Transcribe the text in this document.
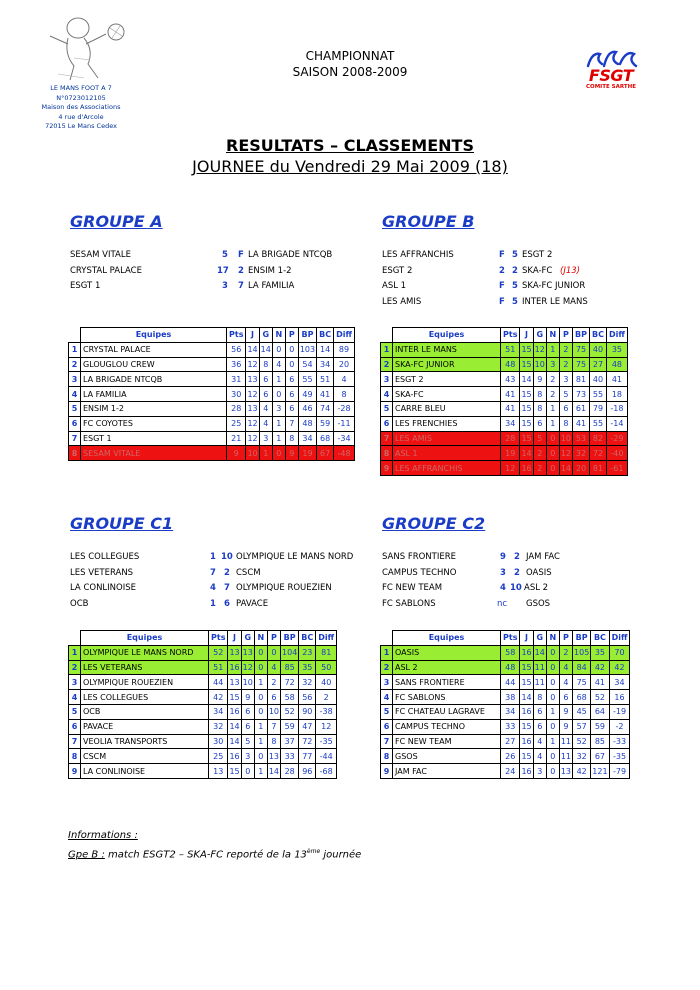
LE MANS FOOT A 7
N°0723012105
Maison des Associations
4 rue d'Arcole
72015 Le Mans Cedex
CHAMPIONNAT
SAISON 2008-2009	FSGT
COMITE SARTHE
RESULTATS – CLASSEMENTS
JOURNEE du Vendredi 29 Mai 2009 (18)
GROUPE A	GROUPE B
GROUPE C1	GROUPE C2
SESAM VITALE	5 F LA BRIGADE NTCQB
CRYSTAL PALACE	17 2 ENSIM 1-2
ESGT 1	3 7 LA FAMILIA
LES AFFRANCHIS	F 5 ESGT 2
ESGT 2	2 2 SKA-FC (J13)
ASL 1	F 5 SKA-FC JUNIOR
LES AMIS	F 5 INTER LE MANS
LES COLLEGUES	1 10 OLYMPIQUE LE MANS NORD
LES VETERANS	7 2 CSCM
LA CONLINOISE	4 7 OLYMPIQUE ROUEZIEN
OCB	1 6 PAVACE
SANS FRONTIERE	9 2 JAM FAC
CAMPUS TECHNO	3 2 OASIS
FC NEW TEAM	4 10 ASL 2
FC SABLONS	nc GSOS
	Equipes	Pts	J	G	N	P	BP	BC	Diff
1	CRYSTAL PALACE	56	14	14	0	0	103	14	89
2	GLOUGLOU CREW	36	12	8	4	0	54	34	20
3	LA BRIGADE NTCQB	31	13	6	1	6	55	51	4
4	LA FAMILIA	30	12	6	0	6	49	41	8
5	ENSIM 1-2	28	13	4	3	6	46	74	-28
6	FC COYOTES	25	12	4	1	7	48	59	-11
7	ESGT 1	21	12	3	1	8	34	68	-34
8	SESAM VITALE	9	10	1	0	9	19	67	-48
	Equipes	Pts	J	G	N	P	BP	BC	Diff
1	INTER LE MANS	51	15	12	1	2	75	40	35
2	SKA-FC JUNIOR	48	15	10	3	2	75	27	48
3	ESGT 2	43	14	9	2	3	81	40	41
4	SKA-FC	41	15	8	2	5	73	55	18
5	CARRE BLEU	41	15	8	1	6	61	79	-18
6	LES FRENCHIES	34	15	6	1	8	41	55	-14
7	LES AMIS	28	15	5	0	10	53	82	-29
8	ASL 1	19	14	2	0	12	32	72	-40
9	LES AFFRANCHIS	12	16	2	0	14	20	81	-61
	Equipes	Pts	J	G	N	P	BP	BC	Diff
1	OLYMPIQUE LE MANS NORD	52	13	13	0	0	104	23	81
2	LES VETERANS	51	16	12	0	4	85	35	50
3	OLYMPIQUE ROUEZIEN	44	13	10	1	2	72	32	40
4	LES COLLEGUES	42	15	9	0	6	58	56	2
5	OCB	34	16	6	0	10	52	90	-38
6	PAVACE	32	14	6	1	7	59	47	12
7	VEOLIA TRANSPORTS	30	14	5	1	8	37	72	-35
8	CSCM	25	16	3	0	13	33	77	-44
9	LA CONLINOISE	13	15	0	1	14	28	96	-68
	Equipes	Pts	J	G	N	P	BP	BC	Diff
1	OASIS	58	16	14	0	2	105	35	70
2	ASL 2	48	15	11	0	4	84	42	42
3	SANS FRONTIERE	44	15	11	0	4	75	41	34
4	FC SABLONS	38	14	8	0	6	68	52	16
5	FC CHATEAU LAGRAVE	34	16	6	1	9	45	64	-19
6	CAMPUS TECHNO	33	15	6	0	9	57	59	-2
7	FC NEW TEAM	27	16	4	1	11	52	85	-33
8	GSOS	26	15	4	0	11	32	67	-35
9	JAM FAC	24	16	3	0	13	42	121	-79
Informations :
Gpe B : match ESGT2 – SKA-FC reporté de la 13ème journée
